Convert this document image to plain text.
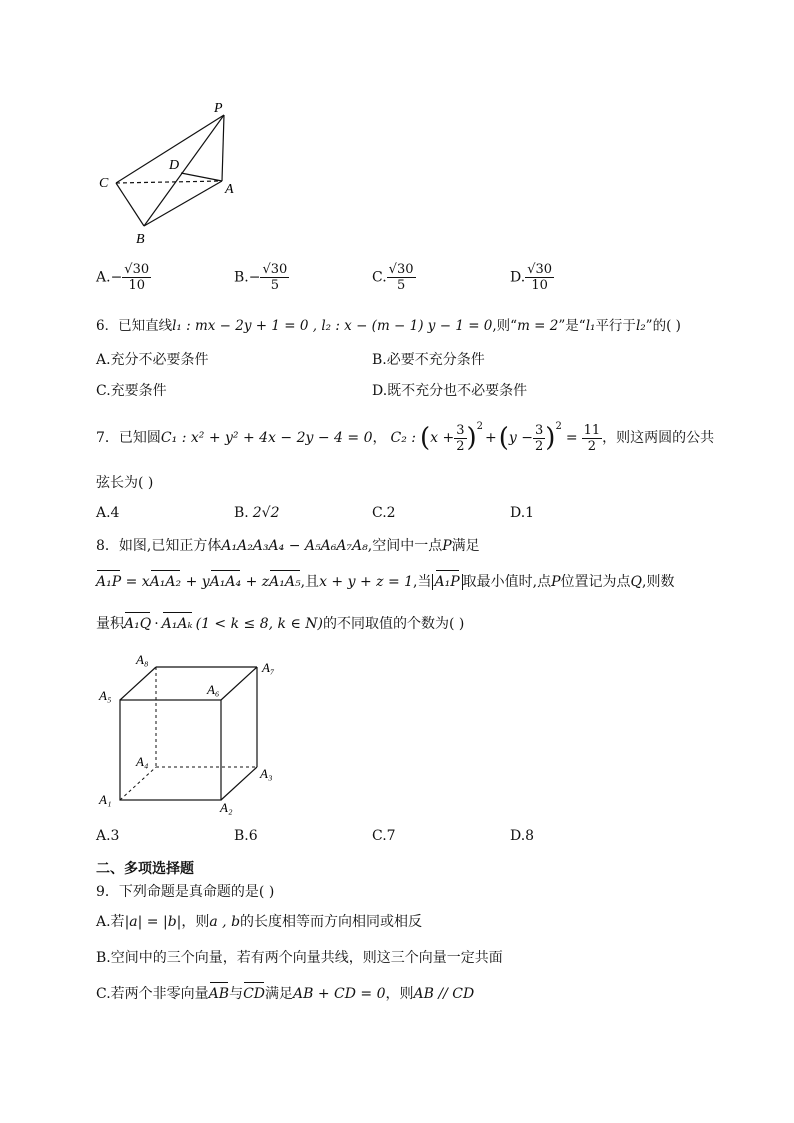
P
D
C	A
B
$A.- \frac{√30}{10}$	$B.- \frac{√30}{5}$	C. $\frac{√30}{5}$	D. $\frac{√30}{10}$
6．已知直线l₁ : mx − 2y + 1 = 0 , l₂ : x − (m − 1) y − 1 = 0,则“m = 2”是“l₁平行于l₂”的( )
A.充分不必要条件	B.必要不充分条件
C.充要条件	D.既不充分也不必要条件
7．已知圆 C₁ : x² + y² + 4x − 2y − 4 = 0 ， C₂ : ( $x + \frac{3}{2} )^2$
+ ( $y - \frac{3}{2} )^2$
= $\frac{11}{2}$ ，则这两圆的公共
弦长为( )
A.4	B. 2√2	C.2	D.1
8．如图,已知正方体A₁A₂A₃A₄ − A₅A₆A₇A₈,空间中一点P满足
A₁P = xA₁A₂ + yA₁A₄ + zA₁A₅,且x + y + z = 1,当 A₁P 取最小值时,点P位置记为点Q,则数
量积A₁Q · A₁Aₖ (1 < k ≤ 8, k ∈ N)的不同取值的个数为( )
A₈
A₇
A₅	A₆
A₄
A₃
A₁
A₂
A.3	B.6	C.7	D.8
二、多项选择题
9．下列命题是真命题的是( )
A.若|a| = |b|，则a , b的长度相等而方向相同或相反
B.空间中的三个向量，若有两个向量共线，则这三个向量一定共面
C.若两个非零向量AB与CD满足AB + CD = 0，则AB // CD
